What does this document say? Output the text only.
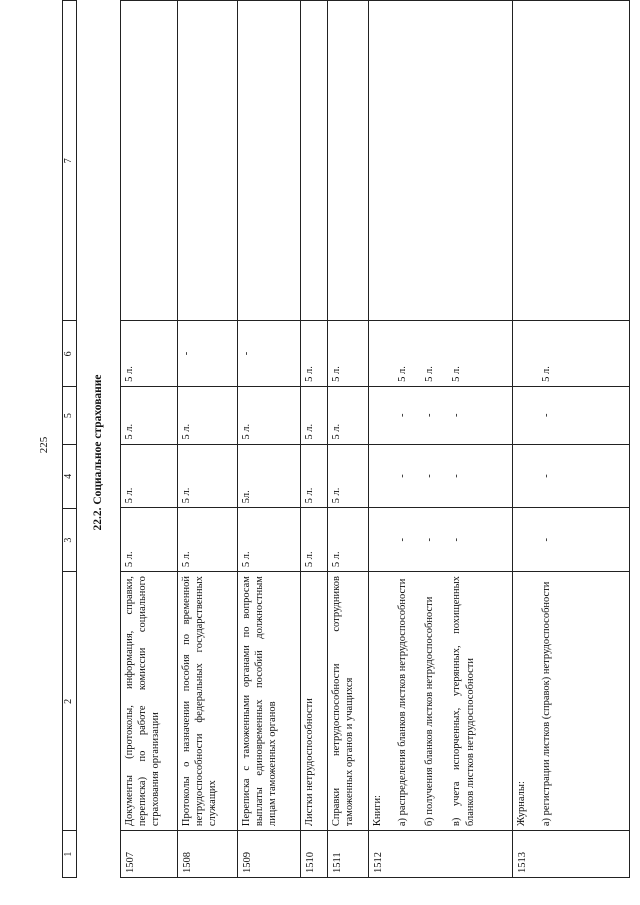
225
1	2	3	4	5	6	7
22.2. Социальное страхование
1507	Документы (протоколы, информация, справки, переписка) по работе комиссии социального страхования организации	5 л.	5 л.	5 л.	5 л.	

1508	Протоколы о назначении пособия по временной нетрудоспособности федеральных государственных служащих	5 л.	5 л.	5 л.	-	

1509	Переписка с таможенными органами по вопросам выплаты единовременных пособий должностным лицам таможенных органов	5 л.	5л.	5 л.	-	

1510	Листки нетрудоспособности	5 л.	5 л.	5 л.	5 л.	

1511	Справки нетрудоспособности сотрудников таможенных органов и учащихся	5 л.	5 л.	5 л.	5 л.	

1512	Книги: а) распределения бланков листков нетрудоспособности б) получения бланков листков нетрудоспособности в) учета испорченных, утерянных, похищенных бланков листков нетрудоспособности	- - -	- - -	- - -	5 л. 5 л. 5 л.	

1513	Журналы: а) регистрации листков (справок) нетрудоспособности	-	-	-	5 л.	
